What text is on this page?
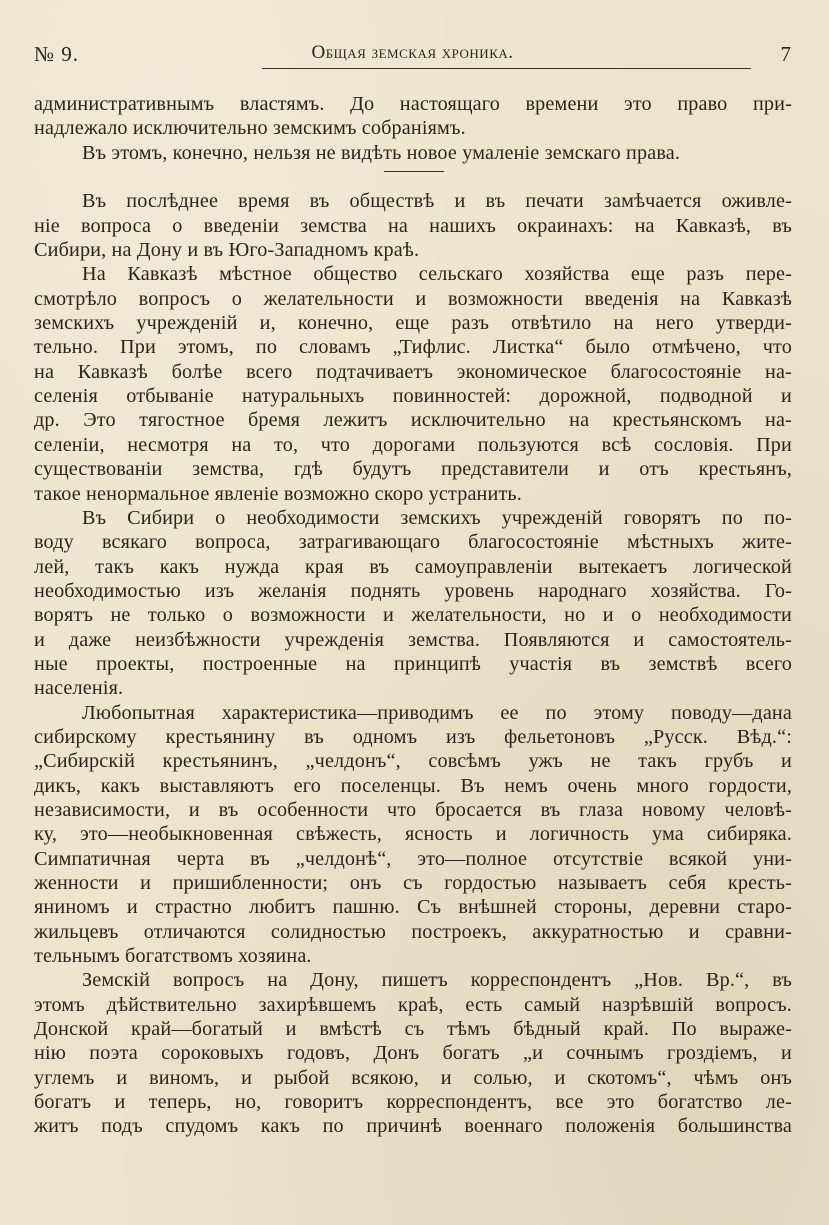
№ 9.	Общая земская хроника.	7
административнымъ властямъ. До настоящаго времени это право при-
надлежало исключительно земскимъ собраніямъ.
Въ этомъ, конечно, нельзя не видѣть новое умаленіе земскаго права.
Въ послѣднее время въ обществѣ и въ печати замѣчается оживле-
ніе вопроса о введеніи земства на нашихъ окраинахъ: на Кавказѣ, въ
Сибири, на Дону и въ Юго-Западномъ краѣ.
На Кавказѣ мѣстное общество сельскаго хозяйства еще разъ пере-
смотрѣло вопросъ о желательности и возможности введенія на Кавказѣ
земскихъ учрежденій и, конечно, еще разъ отвѣтило на него утверди-
тельно. При этомъ, по словамъ „Тифлис. Листка“ было отмѣчено, что
на Кавказѣ болѣе всего подтачиваетъ экономическое благосостояніе на-
селенія отбываніе натуральныхъ повинностей: дорожной, подводной и
др. Это тягостное бремя лежитъ исключительно на крестьянскомъ на-
селеніи, несмотря на то, что дорогами пользуются всѣ сословія. При
существованіи земства, гдѣ будутъ представители и отъ крестьянъ,
такое ненормальное явленіе возможно скоро устранить.
Въ Сибири о необходимости земскихъ учрежденій говорятъ по по-
воду всякаго вопроса, затрагивающаго благосостояніе мѣстныхъ жите-
лей, такъ какъ нужда края въ самоуправленіи вытекаетъ логической
необходимостью изъ желанія поднять уровень народнаго хозяйства. Го-
ворятъ не только о возможности и желательности, но и о необходимости
и даже неизбѣжности учрежденія земства. Появляются и самостоятель-
ные проекты, построенные на принципѣ участія въ земствѣ всего
населенія.
Любопытная характеристика—приводимъ ее по этому поводу—дана
сибирскому крестьянину въ одномъ изъ фельетоновъ „Русск. Вѣд.“:
„Сибирскій крестьянинъ, „челдонъ“, совсѣмъ ужъ не такъ грубъ и
дикъ, какъ выставляютъ его поселенцы. Въ немъ очень много гордости,
независимости, и въ особенности что бросается въ глаза новому человѣ-
ку, это—необыкновенная свѣжесть, ясность и логичность ума сибиряка.
Симпатичная черта въ „челдонѣ“, это—полное отсутствіе всякой уни-
женности и пришибленности; онъ съ гордостью называетъ себя кресть-
яниномъ и страстно любитъ пашню. Съ внѣшней стороны, деревни старо-
жильцевъ отличаются солидностью построекъ, аккуратностью и сравни-
тельнымъ богатствомъ хозяина.
Земскій вопросъ на Дону, пишетъ корреспондентъ „Нов. Вр.“, въ
этомъ дѣйствительно захирѣвшемъ краѣ, есть самый назрѣвшій вопросъ.
Донской край—богатый и вмѣстѣ съ тѣмъ бѣдный край. По выраже-
нію поэта сороковыхъ годовъ, Донъ богатъ „и сочнымъ гроздіемъ, и
углемъ и виномъ, и рыбой всякою, и солью, и скотомъ“, чѣмъ онъ
богатъ и теперь, но, говоритъ корреспондентъ, все это богатство ле-
житъ подъ спудомъ какъ по причинѣ военнаго положенія большинства
